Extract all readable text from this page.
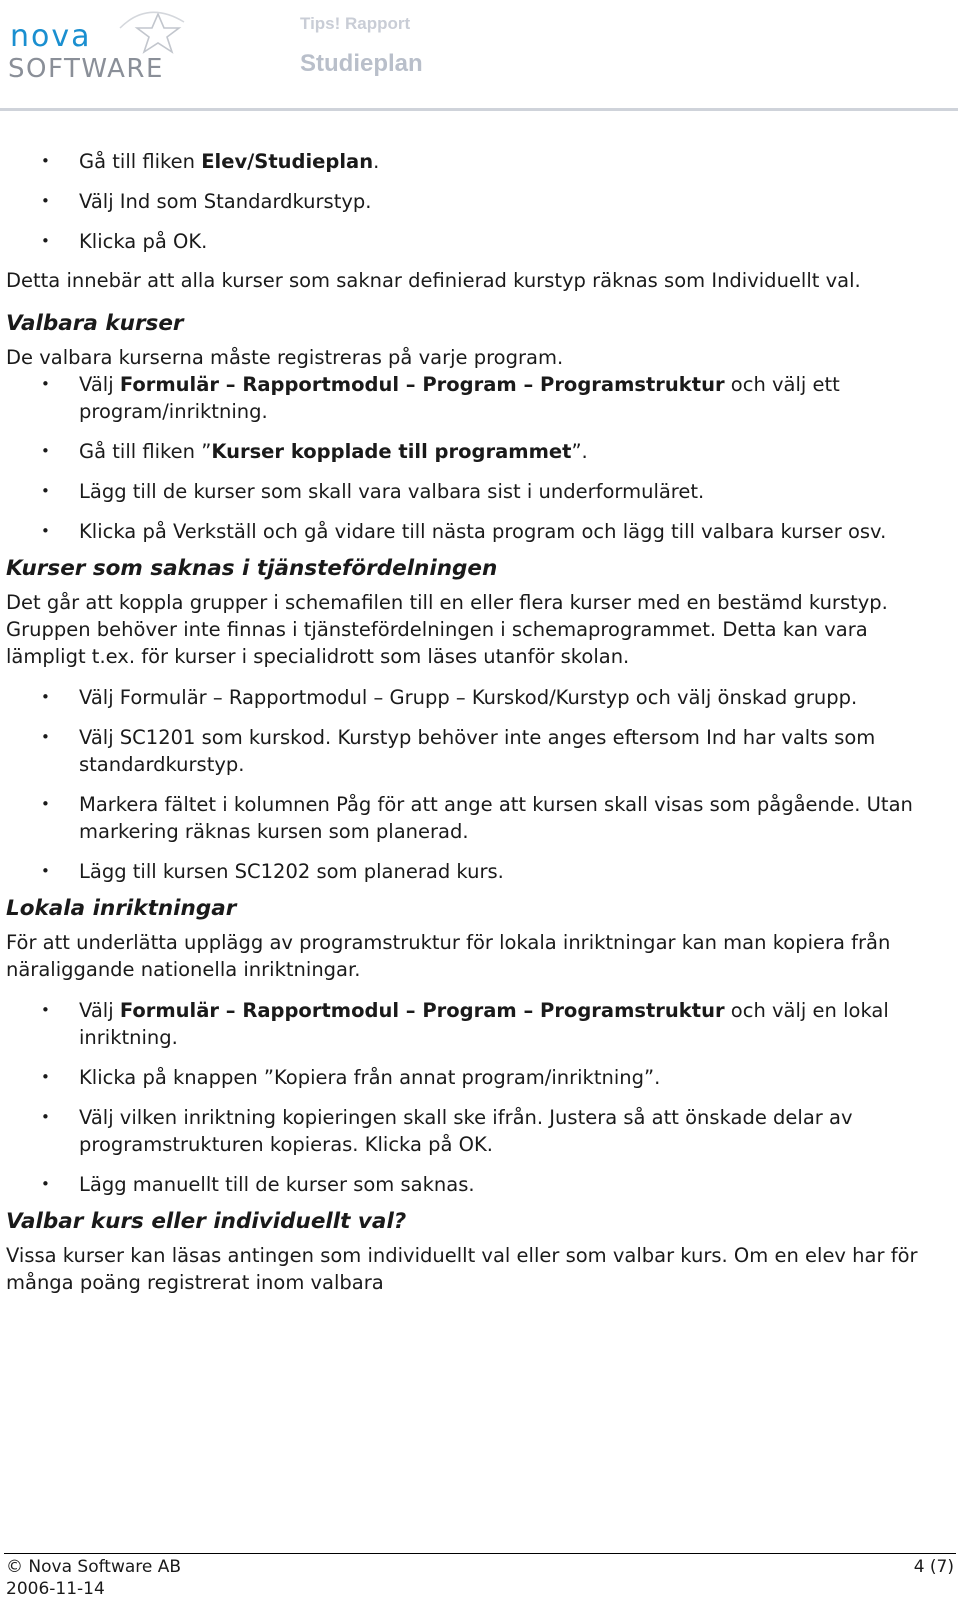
nova
SOFTWARE
Tips! Rapport
Studieplan
• Gå till fliken Elev/Studieplan.
• Välj Ind som Standardkurstyp.
• Klicka på OK.

Detta innebär att alla kurser som saknar definierad kurstyp räknas som Individuellt val.

Valbara kurser

De valbara kurserna måste registreras på varje program.

• Välj Formulär – Rapportmodul – Program – Programstruktur och välj ett program/inriktning.
• Gå till fliken ”Kurser kopplade till programmet”.
• Lägg till de kurser som skall vara valbara sist i underformuläret.
• Klicka på Verkställ och gå vidare till nästa program och lägg till valbara kurser osv.
Kurser som saknas i tjänstefördelningen

Det går att koppla grupper i schemafilen till en eller flera kurser med en bestämd kurstyp. Gruppen behöver inte finnas i tjänstefördelningen i schemaprogrammet. Detta kan vara lämpligt t.ex. för kurser i specialidrott som läses utanför skolan.

• Välj Formulär – Rapportmodul – Grupp – Kurskod/Kurstyp och välj önskad grupp.
• Välj SC1201 som kurskod. Kurstyp behöver inte anges eftersom Ind har valts som standardkurstyp.
• Markera fältet i kolumnen Påg för att ange att kursen skall visas som pågående. Utan markering räknas kursen som planerad.
• Lägg till kursen SC1202 som planerad kurs.
Lokala inriktningar

För att underlätta upplägg av programstruktur för lokala inriktningar kan man kopiera från näraliggande nationella inriktningar.

• Välj Formulär – Rapportmodul – Program – Programstruktur och välj en lokal inriktning.
• Klicka på knappen ”Kopiera från annat program/inriktning”.
• Välj vilken inriktning kopieringen skall ske ifrån. Justera så att önskade delar av programstrukturen kopieras. Klicka på OK.
• Lägg manuellt till de kurser som saknas.
Valbar kurs eller individuellt val?

Vissa kurser kan läsas antingen som individuellt val eller som valbar kurs. Om en elev har för många poäng registrerat inom valbara

© Nova Software AB
2006-11-14
4 (7)
